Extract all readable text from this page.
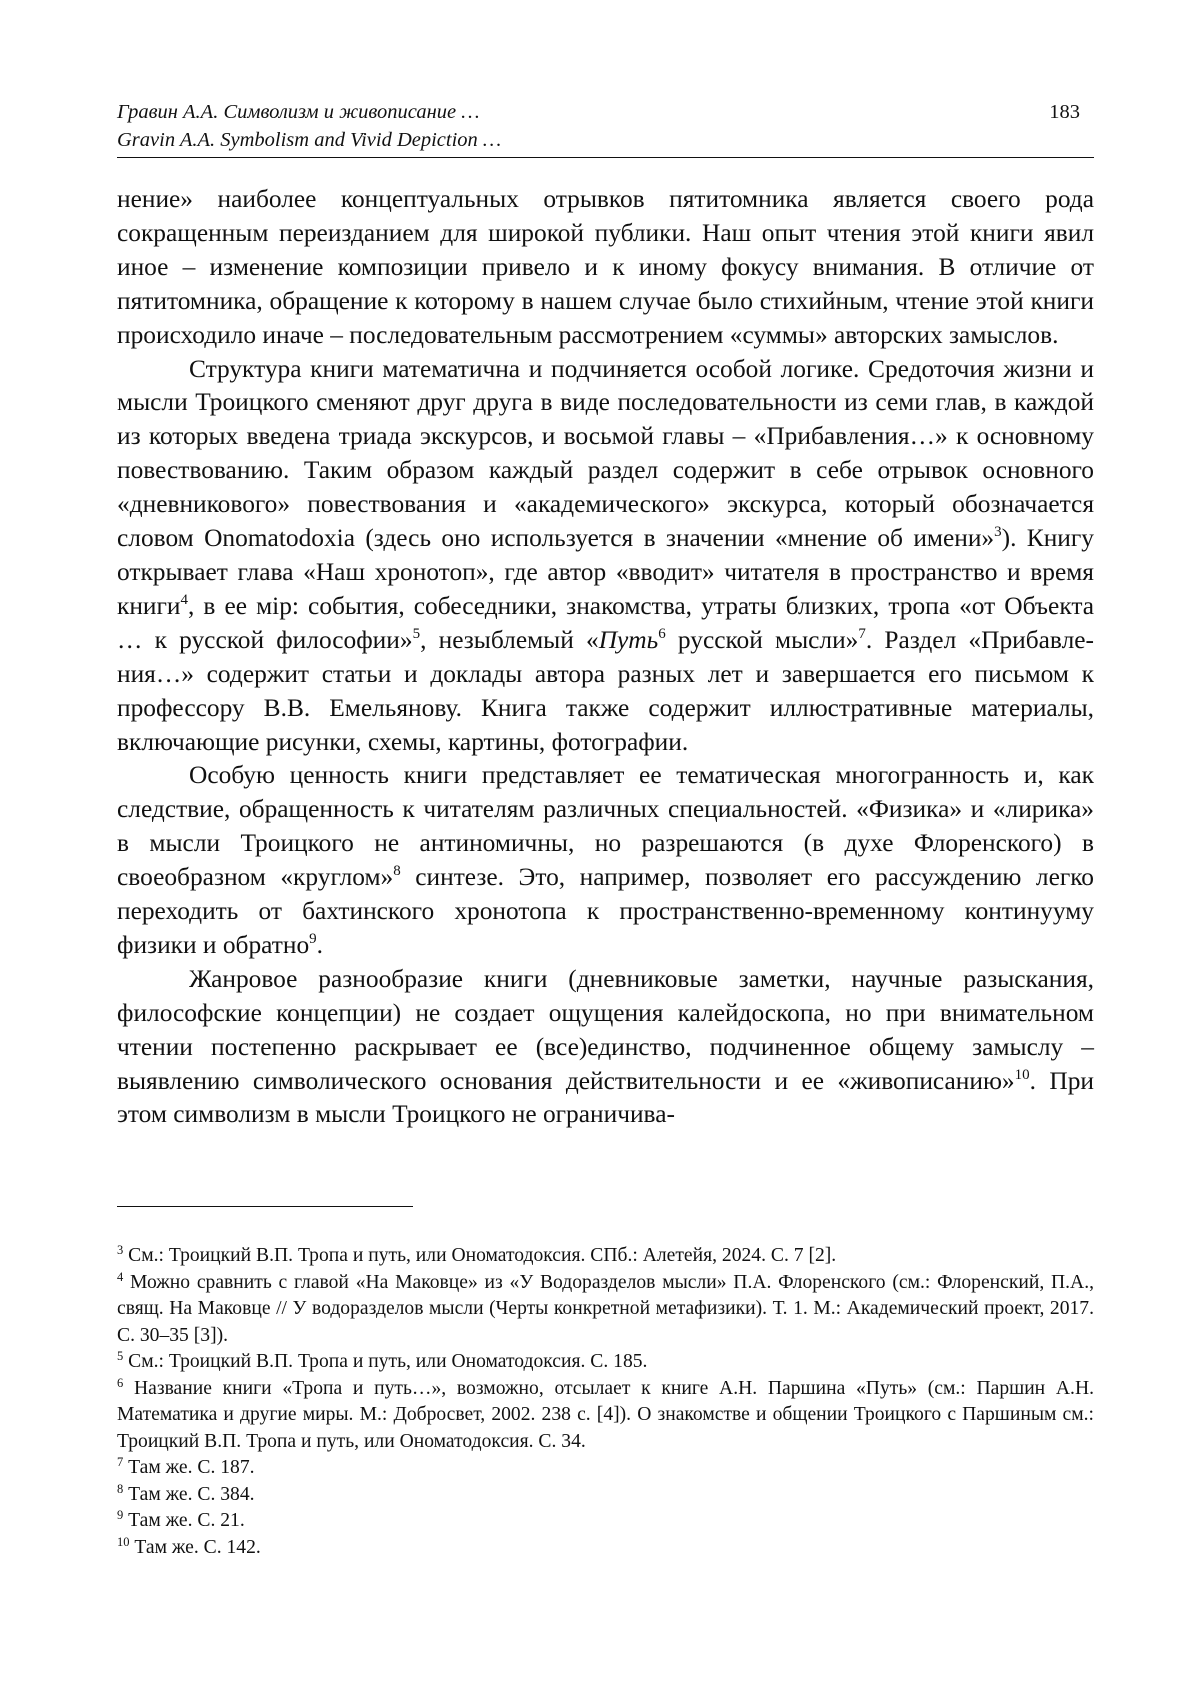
Гравин А.А. Символизм и живописание …
Gravin A.A. Symbolism and Vivid Depiction …
183

нение» наиболее концептуальных отрывков пятитомника является своего рода сокращенным переизданием для широкой публики. Наш опыт чтения этой книги явил иное – изменение композиции привело и к иному фокусу внимания. В отличие от пятитомника, обращение к которому в нашем случае было стихийным, чтение этой книги происходило иначе – последовательным рассмотрением «суммы» авторских замыслов.

Структура книги математична и подчиняется особой логике. Средоточия жизни и мысли Троицкого сменяют друг друга в виде последовательности из семи глав, в каждой из которых введена триада экскурсов, и восьмой главы – «Прибавления…» к основному повествованию. Таким образом каждый раздел содержит в себе отрывок основного «дневникового» повествования и «академического» экскурса, который обозначается словом Onomatodoxia (здесь оно используется в значении «мнение об имени»$^3$). Книгу открывает глава «Наш хронотоп», где автор «вводит» читателя в пространство и время книги$^4$, в ее міp: события, собеседники, знакомства, утраты близких, тропа «от Объекта … к русской философии»$^5$, незыблемый «Путь$^6$ русской мысли»$^7$. Раздел «Прибавления…» содержит статьи и доклады автора разных лет и завершается его письмом к профессору В.В. Емельянову. Книга также содержит иллюстративные материалы, включающие рисунки, схемы, картины, фотографии.

Особую ценность книги представляет ее тематическая многогранность и, как следствие, обращенность к читателям различных специальностей. «Физика» и «лирика» в мысли Троицкого не антиномичны, но разрешаются (в духе Флоренского) в своеобразном «круглом»$^8$ синтезе. Это, например, позволяет его рассуждению легко переходить от бахтинского хронотопа к пространственно-временному континууму физики и обратно$^9$.

Жанровое разнообразие книги (дневниковые заметки, научные разыскания, философские концепции) не создает ощущения калейдоскопа, но при внимательном чтении постепенно раскрывает ее (все)единство, подчиненное общему замыслу – выявлению символического основания действительности и ее «живописанию»$^{10}$. При этом символизм в мысли Троицкого не ограничива-

$^3$ См.: Троицкий В.П. Тропа и путь, или Ономатодоксия. СПб.: Алетейя, 2024. С. 7 [2].

$^4$ Можно сравнить с главой «На Маковце» из «У Водоразделов мысли» П.А. Флоренского (см.: Флоренский, П.А., свящ. На Маковце // У водоразделов мысли (Черты конкретной метафизики). Т. 1. М.: Академический проект, 2017. С. 30–35 [3]).

$^5$ См.: Троицкий В.П. Тропа и путь, или Ономатодоксия. С. 185.

$^6$ Название книги «Тропа и путь…», возможно, отсылает к книге А.Н. Паршина «Путь» (см.: Паршин А.Н. Математика и другие миры. М.: Добросвет, 2002. 238 с. [4]). О знакомстве и общении Троицкого с Паршиным см.: Троицкий В.П. Тропа и путь, или Ономатодоксия. С. 34.

$^7$ Там же. С. 187.

$^8$ Там же. С. 384.

$^9$ Там же. С. 21.

$^{10}$ Там же. С. 142.
